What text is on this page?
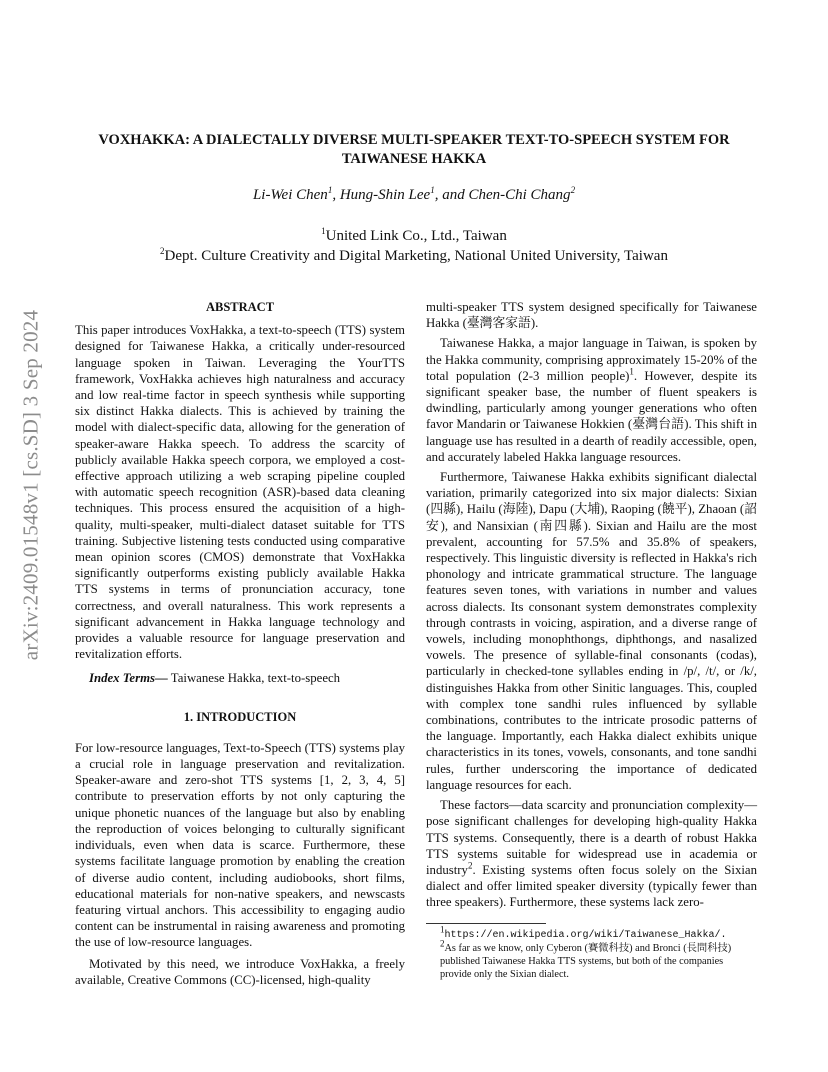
arXiv:2409.01548v1 [cs.SD] 3 Sep 2024
VOXHAKKA: A DIALECTALLY DIVERSE MULTI-SPEAKER TEXT-TO-SPEECH SYSTEM FOR TAIWANESE HAKKA
Li-Wei Chen$^1$, Hung-Shin Lee$^1$, and Chen-Chi Chang$^2$
$^1$United Link Co., Ltd., Taiwan
$^2$Dept. Culture Creativity and Digital Marketing, National United University, Taiwan
ABSTRACT

This paper introduces VoxHakka, a text-to-speech (TTS) system designed for Taiwanese Hakka, a critically under-resourced language spoken in Taiwan. Leveraging the YourTTS framework, VoxHakka achieves high naturalness and accuracy and low real-time factor in speech synthesis while supporting six distinct Hakka dialects. This is achieved by training the model with dialect-specific data, allowing for the generation of speaker-aware Hakka speech. To address the scarcity of publicly available Hakka speech corpora, we employed a cost-effective approach utilizing a web scraping pipeline coupled with automatic speech recognition (ASR)-based data cleaning techniques. This process ensured the acquisition of a high-quality, multi-speaker, multi-dialect dataset suitable for TTS training. Subjective listening tests conducted using comparative mean opinion scores (CMOS) demonstrate that VoxHakka significantly outperforms existing publicly available Hakka TTS systems in terms of pronunciation accuracy, tone correctness, and overall naturalness. This work represents a significant advancement in Hakka language technology and provides a valuable resource for language preservation and revitalization efforts.

Index Terms— Taiwanese Hakka, text-to-speech

1. INTRODUCTION

For low-resource languages, Text-to-Speech (TTS) systems play a crucial role in language preservation and revitalization. Speaker-aware and zero-shot TTS systems [1, 2, 3, 4, 5] contribute to preservation efforts by not only capturing the unique phonetic nuances of the language but also by enabling the reproduction of voices belonging to culturally significant individuals, even when data is scarce. Furthermore, these systems facilitate language promotion by enabling the creation of diverse audio content, including audiobooks, short films, educational materials for non-native speakers, and newscasts featuring virtual anchors. This accessibility to engaging audio content can be instrumental in raising awareness and promoting the use of low-resource languages.

Motivated by this need, we introduce VoxHakka, a freely available, Creative Commons (CC)-licensed, high-quality

multi-speaker TTS system designed specifically for Taiwanese Hakka (臺灣客家語).

Taiwanese Hakka, a major language in Taiwan, is spoken by the Hakka community, comprising approximately 15-20% of the total population (2-3 million people)$^1$. However, despite its significant speaker base, the number of fluent speakers is dwindling, particularly among younger generations who often favor Mandarin or Taiwanese Hokkien (臺灣台語). This shift in language use has resulted in a dearth of readily accessible, open, and accurately labeled Hakka language resources.

Furthermore, Taiwanese Hakka exhibits significant dialectal variation, primarily categorized into six major dialects: Sixian (四縣), Hailu (海陸), Dapu (大埔), Raoping (饒平), Zhaoan (詔安), and Nansixian (南四縣). Sixian and Hailu are the most prevalent, accounting for 57.5% and 35.8% of speakers, respectively. This linguistic diversity is reflected in Hakka's rich phonology and intricate grammatical structure. The language features seven tones, with variations in number and values across dialects. Its consonant system demonstrates complexity through contrasts in voicing, aspiration, and a diverse range of vowels, including monophthongs, diphthongs, and nasalized vowels. The presence of syllable-final consonants (codas), particularly in checked-tone syllables ending in /p/, /t/, or /k/, distinguishes Hakka from other Sinitic languages. This, coupled with complex tone sandhi rules influenced by syllable combinations, contributes to the intricate prosodic patterns of the language. Importantly, each Hakka dialect exhibits unique characteristics in its tones, vowels, consonants, and tone sandhi rules, further underscoring the importance of dedicated language resources for each.

These factors—data scarcity and pronunciation complexity—pose significant challenges for developing high-quality Hakka TTS systems. Consequently, there is a dearth of robust Hakka TTS systems suitable for widespread use in academia or industry$^2$. Existing systems often focus solely on the Sixian dialect and offer limited speaker diversity (typically fewer than three speakers). Furthermore, these systems lack zero-

$^1$https://en.wikipedia.org/wiki/Taiwanese_Hakka/.
$^2$As far as we know, only Cyberon (賽微科技) and Bronci (長問科技) published Taiwanese Hakka TTS systems, but both of the companies provide only the Sixian dialect.
